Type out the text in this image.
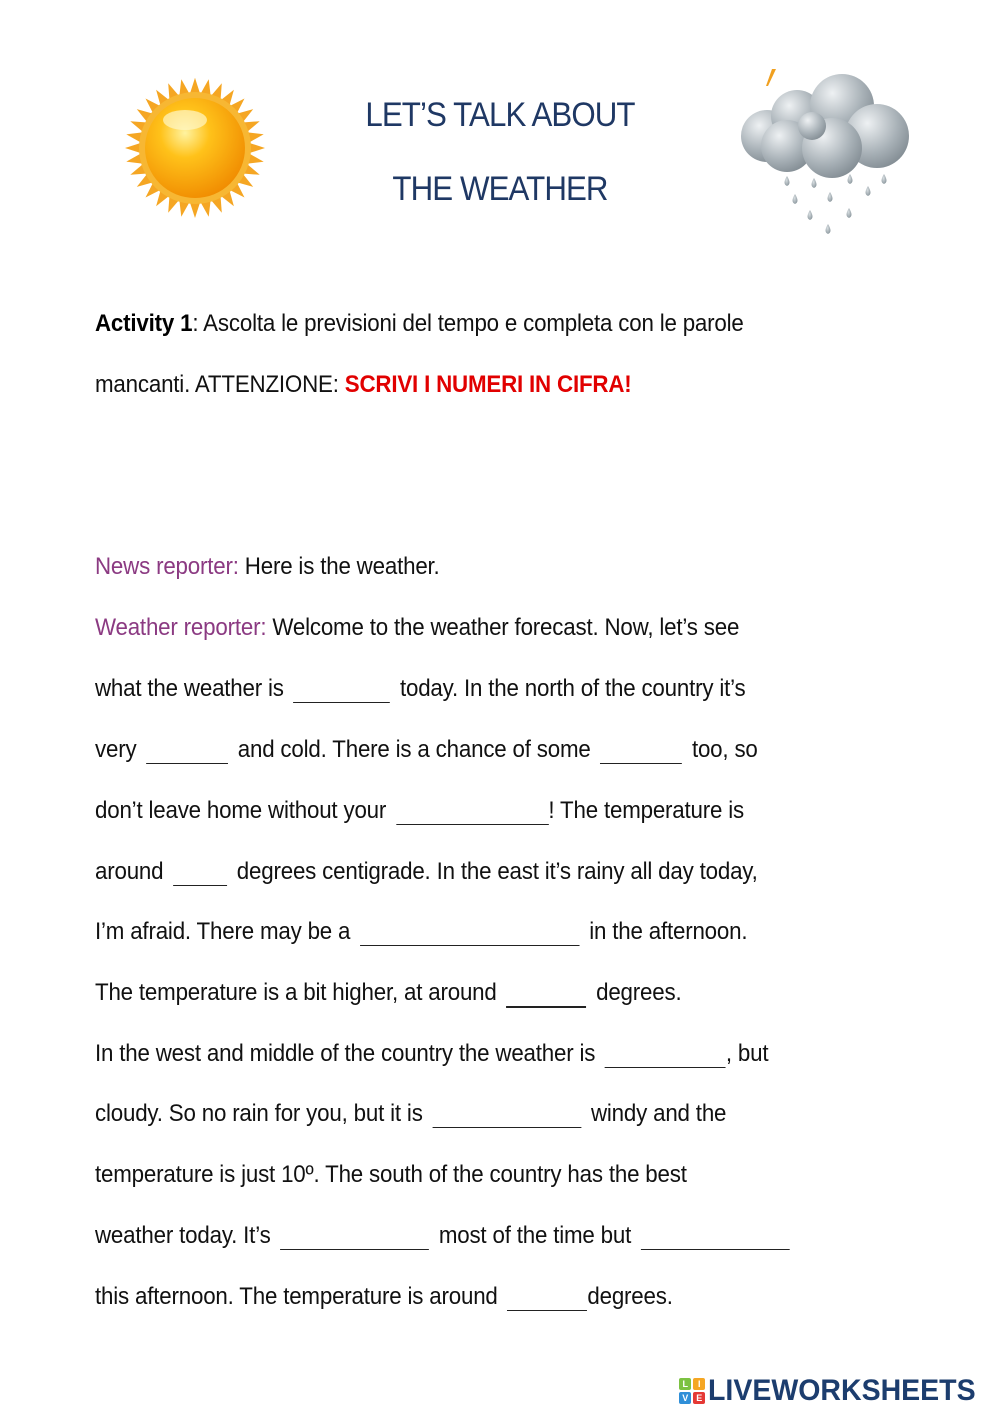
LET’S TALK ABOUT
THE WEATHER
Activity 1: Ascolta le previsioni del tempo e completa con le parole
mancanti. ATTENZIONE: SCRIVI I NUMERI IN CIFRA!
News reporter: Here is the weather.
Weather reporter: Welcome to the weather forecast. Now, let’s see
what the weather is	today. In the north of the country it’s
very	and cold. There is a chance of some	too, so
don’t leave home without your	! The temperature is
around	degrees centigrade. In the east it’s rainy all day today,
I’m afraid. There may be a	in the afternoon.
The temperature is a bit higher, at around	degrees.
In the west and middle of the country the weather is	, but
cloudy. So no rain for you, but it is	windy and the
temperature is just 10º. The south of the country has the best
weather today. It’s	most of the time but
this afternoon. The temperature is around	degrees.
L	I
V E LIVEWORKSHEETS
